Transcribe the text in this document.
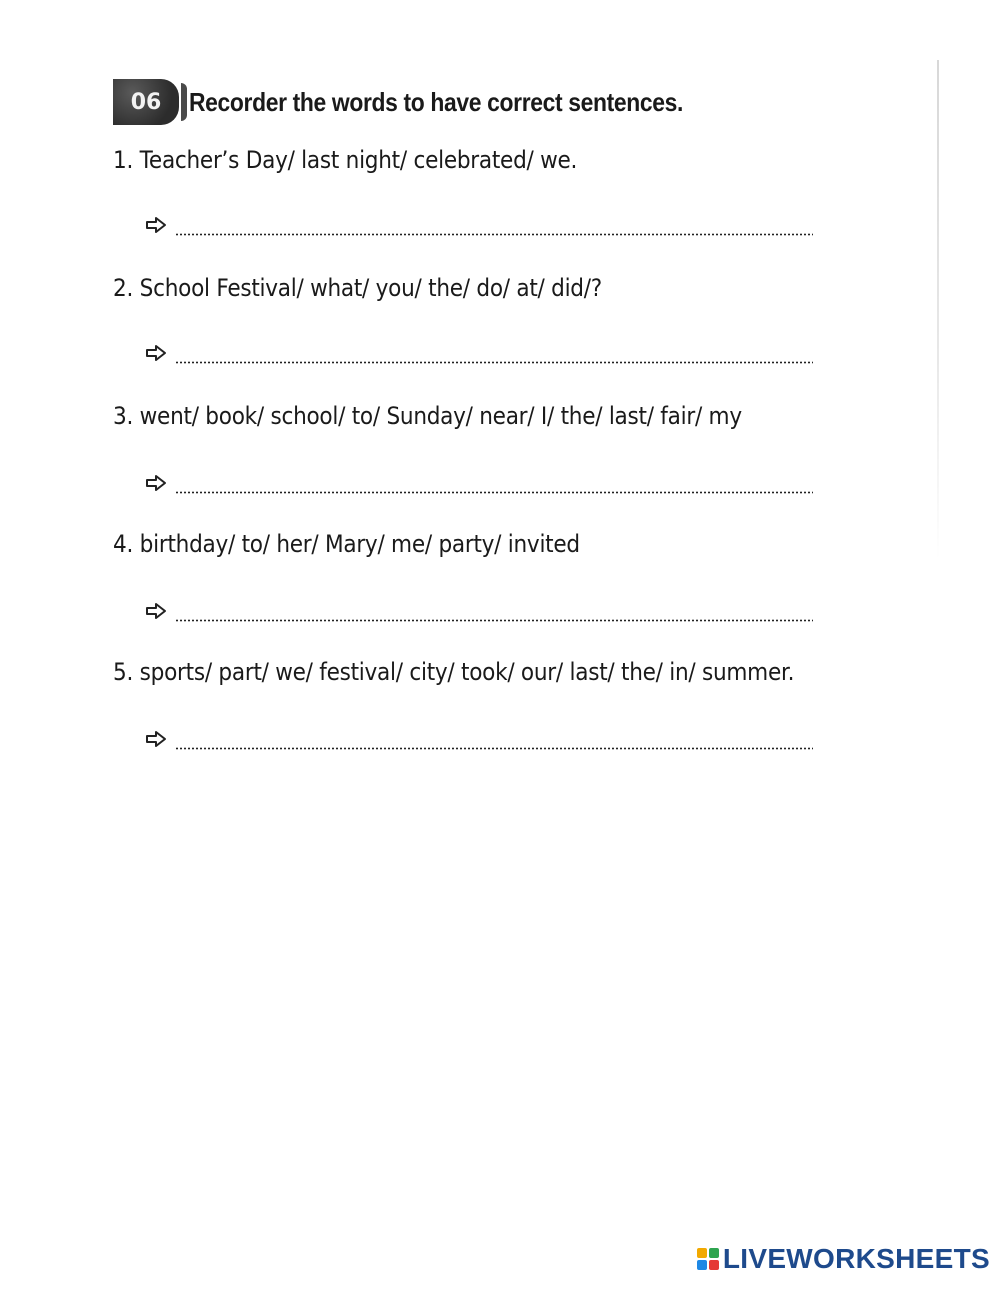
06	Recorder the words to have correct sentences.
1. Teacher’s Day/ last night/ celebrated/ we.
2. School Festival/ what/ you/ the/ do/ at/ did/?
3. went/ book/ school/ to/ Sunday/ near/ I/ the/ last/ fair/ my
4. birthday/ to/ her/ Mary/ me/ party/ invited
5. sports/ part/ we/ festival/ city/ took/ our/ last/ the/ in/ summer.
LIVEWORKSHEETS
